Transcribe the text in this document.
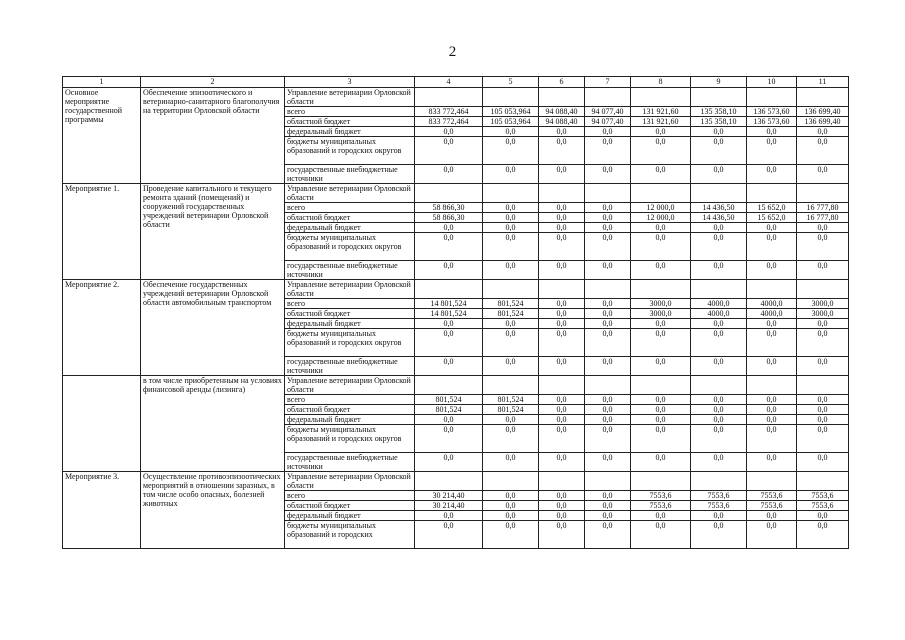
2
1	2	3	4	5	6	7	8	9	10	11
Основное мероприятие государственной программы	Обеспечение эпизоотического и ветеринарно-санитарного благополучия на территории Орловской области	Управление ветеринарии Орловской области								
		всего	833 772,464	105 053,964	94 088,40	94 077,40	131 921,60	135 358,10	136 573,60	136 699,40
		областной бюджет	833 772,464	105 053,964	94 088,40	94 077,40	131 921,60	135 358,10	136 573,60	136 699,40
		федеральный бюджет	0,0	0,0	0,0	0,0	0,0	0,0	0,0	0,0
		бюджеты муниципальных образований и городских округов	0,0	0,0	0,0	0,0	0,0	0,0	0,0	0,0
		государственные внебюджетные источники	0,0	0,0	0,0	0,0	0,0	0,0	0,0	0,0
Мероприятие 1.	Проведение капитального и текущего ремонта зданий (помещений) и сооружений государственных учреждений ветеринарии Орловской области	Управление ветеринарии Орловской области								
		всего	58 866,30	0,0	0,0	0,0	12 000,0	14 436,50	15 652,0	16 777,80
		областной бюджет	58 866,30	0,0	0,0	0,0	12 000,0	14 436,50	15 652,0	16 777,80
		федеральный бюджет	0,0	0,0	0,0	0,0	0,0	0,0	0,0	0,0
		бюджеты муниципальных образований и городских округов	0,0	0,0	0,0	0,0	0,0	0,0	0,0	0,0
		государственные внебюджетные источники	0,0	0,0	0,0	0,0	0,0	0,0	0,0	0,0
Мероприятие 2.	Обеспечение государственных учреждений ветеринарии Орловской области автомобильным транспортом	Управление ветеринарии Орловской области								
		всего	14 801,524	801,524	0,0	0,0	3000,0	4000,0	4000,0	3000,0
		областной бюджет	14 801,524	801,524	0,0	0,0	3000,0	4000,0	4000,0	3000,0
		федеральный бюджет	0,0	0,0	0,0	0,0	0,0	0,0	0,0	0,0
		бюджеты муниципальных образований и городских округов	0,0	0,0	0,0	0,0	0,0	0,0	0,0	0,0
		государственные внебюджетные источники	0,0	0,0	0,0	0,0	0,0	0,0	0,0	0,0
	в том числе приобретенным на условиях финансовой аренды (лизинга)	Управление ветеринарии Орловской области								
		всего	801,524	801,524	0,0	0,0	0,0	0,0	0,0	0,0
		областной бюджет	801,524	801,524	0,0	0,0	0,0	0,0	0,0	0,0
		федеральный бюджет	0,0	0,0	0,0	0,0	0,0	0,0	0,0	0,0
		бюджеты муниципальных образований и городских округов	0,0	0,0	0,0	0,0	0,0	0,0	0,0	0,0
		государственные внебюджетные источники	0,0	0,0	0,0	0,0	0,0	0,0	0,0	0,0
Мероприятие 3.	Осуществление противоэпизоотических мероприятий в отношении заразных, в том числе особо опасных, болезней животных	Управление ветеринарии Орловской области								
		всего	30 214,40	0,0	0,0	0,0	7553,6	7553,6	7553,6	7553,6
		областной бюджет	30 214,40	0,0	0,0	0,0	7553,6	7553,6	7553,6	7553,6
		федеральный бюджет	0,0	0,0	0,0	0,0	0,0	0,0	0,0	0,0
		бюджеты муниципальных образований и городских	0,0	0,0	0,0	0,0	0,0	0,0	0,0	0,0
